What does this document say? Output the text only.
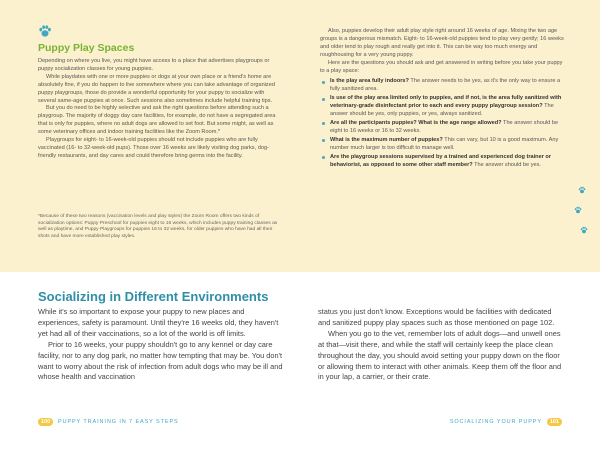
Puppy Play Spaces

Depending on where you live, you might have access to a place that advertises playgroups or puppy socialization classes for young puppies.

While playdates with one or more puppies or dogs at your own place or a friend's home are absolutely fine, if you do happen to live somewhere where you can take advantage of organized puppy playgroups, those do provide a wonderful opportunity for your puppy to socialize with several same-age puppies at once. Such sessions also sometimes include helpful training tips.

But you do need to be highly selective and ask the right questions before attending such a playgroup. The majority of doggy day care facilities, for example, do not have a segregated area that is only for puppies, where no adult dogs are allowed to set foot. But some might, as well as some veterinary offices and indoor training facilities like the Zoom Room.*

Playgroups for eight- to 16-week-old puppies should not include puppies who are fully vaccinated (16- to 32-week-old pups). Those over 16 weeks are likely visiting dog parks, dog-friendly restaurants, and day cares and could therefore bring germs into the facility.

*Because of these two reasons (vaccination levels and play styles) the Zoom Room offers two kinds of socialization options: Puppy Preschool for puppies eight to 16 weeks, which includes puppy training classes as well as playtime, and Puppy Playgroups for puppies 16 to 32 weeks, for older puppies who have had all their shots and have more established play styles.

Also, puppies develop their adult play style right around 16 weeks of age. Mixing the two age groups is a dangerous mismatch. Eight- to 16-week-old puppies tend to play very gently; 16 weeks and older tend to play rough and really get into it. This can be way too much energy and roughhousing for a very young puppy.

Here are the questions you should ask and get answered in writing before you take your puppy to a play space:

Is the play area fully indoors? The answer needs to be yes, as it's the only way to ensure a fully sanitized area.
Is use of the play area limited only to puppies, and if not, is the area fully sanitized with veterinary-grade disinfectant prior to each and every puppy playgroup session? The answer should be yes, only puppies, or yes, always sanitized.
Are all the participants puppies? What is the age range allowed? The answer should be eight to 16 weeks or 16 to 32 weeks.
What is the maximum number of puppies? This can vary, but 10 is a good maximum. Any number much larger is too difficult to manage well.
Are the playgroup sessions supervised by a trained and experienced dog trainer or behaviorist, as opposed to some other staff member? The answer should be yes.
Socializing in Different Environments

While it's so important to expose your puppy to new places and experiences, safety is paramount. Until they're 16 weeks old, they haven't yet had all of their vaccinations, so a lot of the world is off limits.

Prior to 16 weeks, your puppy shouldn't go to any kennel or day care facility, nor to any dog park, no matter how tempting that may be. You don't want to worry about the risk of infection from adult dogs who may be ill and whose health and vaccination

status you just don't know. Exceptions would be facilities with dedicated and sanitized puppy play spaces such as those mentioned on page 102.

When you go to the vet, remember lots of adult dogs—and unwell ones at that—visit there, and while the staff will certainly keep the place clean throughout the day, you should avoid setting your puppy down on the floor or allowing them to interact with other animals. Keep them off the floor and in your lap, a carrier, or their crate.

100 PUPPY TRAINING IN 7 EASY STEPS	SOCIALIZING YOUR PUPPY 101
